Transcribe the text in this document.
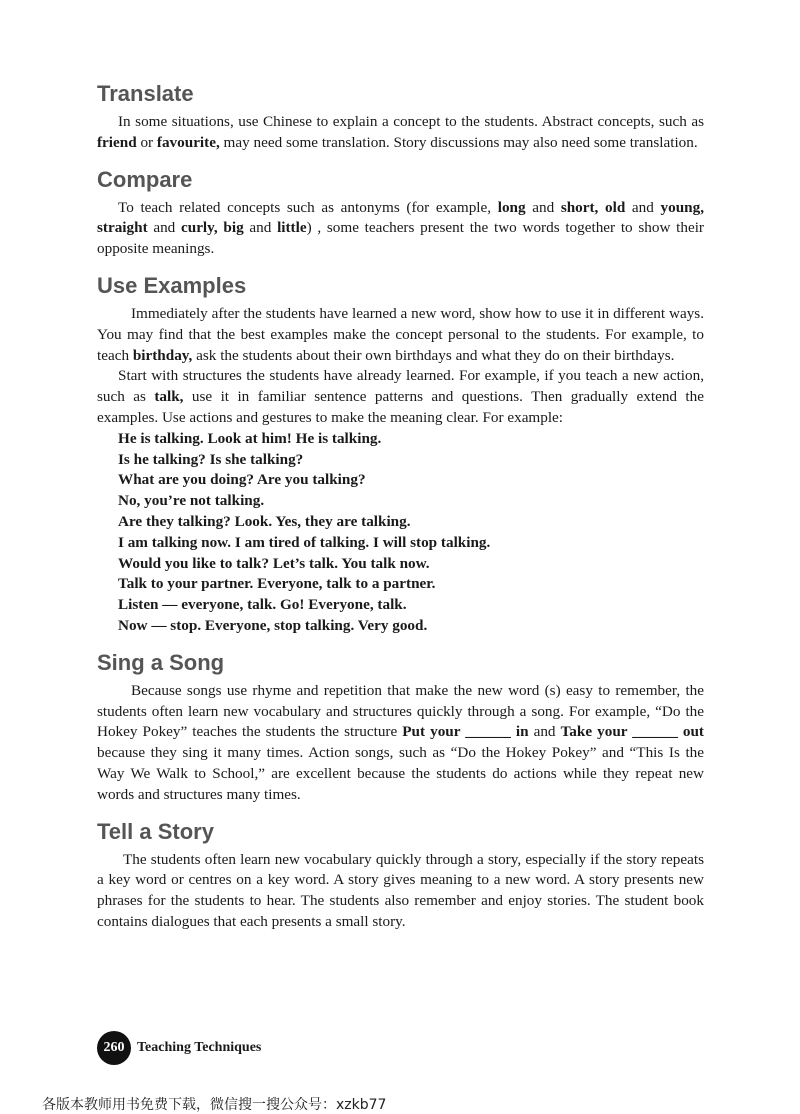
Translate

In some situations, use Chinese to explain a concept to the students. Abstract concepts, such as friend or favourite, may need some translation. Story discussions may also need some translation.

Compare

To teach related concepts such as antonyms (for example, long and short, old and young, straight and curly, big and little) , some teachers present the two words together to show their opposite meanings.

Use Examples

Immediately after the students have learned a new word, show how to use it in different ways. You may find that the best examples make the concept personal to the students. For example, to teach birthday, ask the students about their own birthdays and what they do on their birthdays.

Start with structures the students have already learned. For example, if you teach a new action, such as talk, use it in familiar sentence patterns and questions. Then gradually extend the examples. Use actions and gestures to make the meaning clear. For example:

He is talking. Look at him! He is talking.
Is he talking? Is she talking?
What are you doing? Are you talking?
No, you’re not talking.
Are they talking? Look. Yes, they are talking.
I am talking now. I am tired of talking. I will stop talking.
Would you like to talk? Let’s talk. You talk now.
Talk to your partner. Everyone, talk to a partner.
Listen — everyone, talk. Go! Everyone, talk.
Now — stop. Everyone, stop talking. Very good.
Sing a Song

Because songs use rhyme and repetition that make the new word (s) easy to remember, the students often learn new vocabulary and structures quickly through a song. For example, “Do the Hokey Pokey” teaches the students the structure Put your ______ in and Take your ______ out because they sing it many times. Action songs, such as “Do the Hokey Pokey” and “This Is the Way We Walk to School,” are excellent because the students do actions while they repeat new words and structures many times.

Tell a Story

The students often learn new vocabulary quickly through a story, especially if the story repeats a key word or centres on a key word. A story gives meaning to a new word. A story presents new phrases for the students to hear. The students also remember and enjoy stories. The student book contains dialogues that each presents a small story.

260 Teaching Techniques
各版本教师用书免费下载，微信搜一搜公众号：xzkb77
